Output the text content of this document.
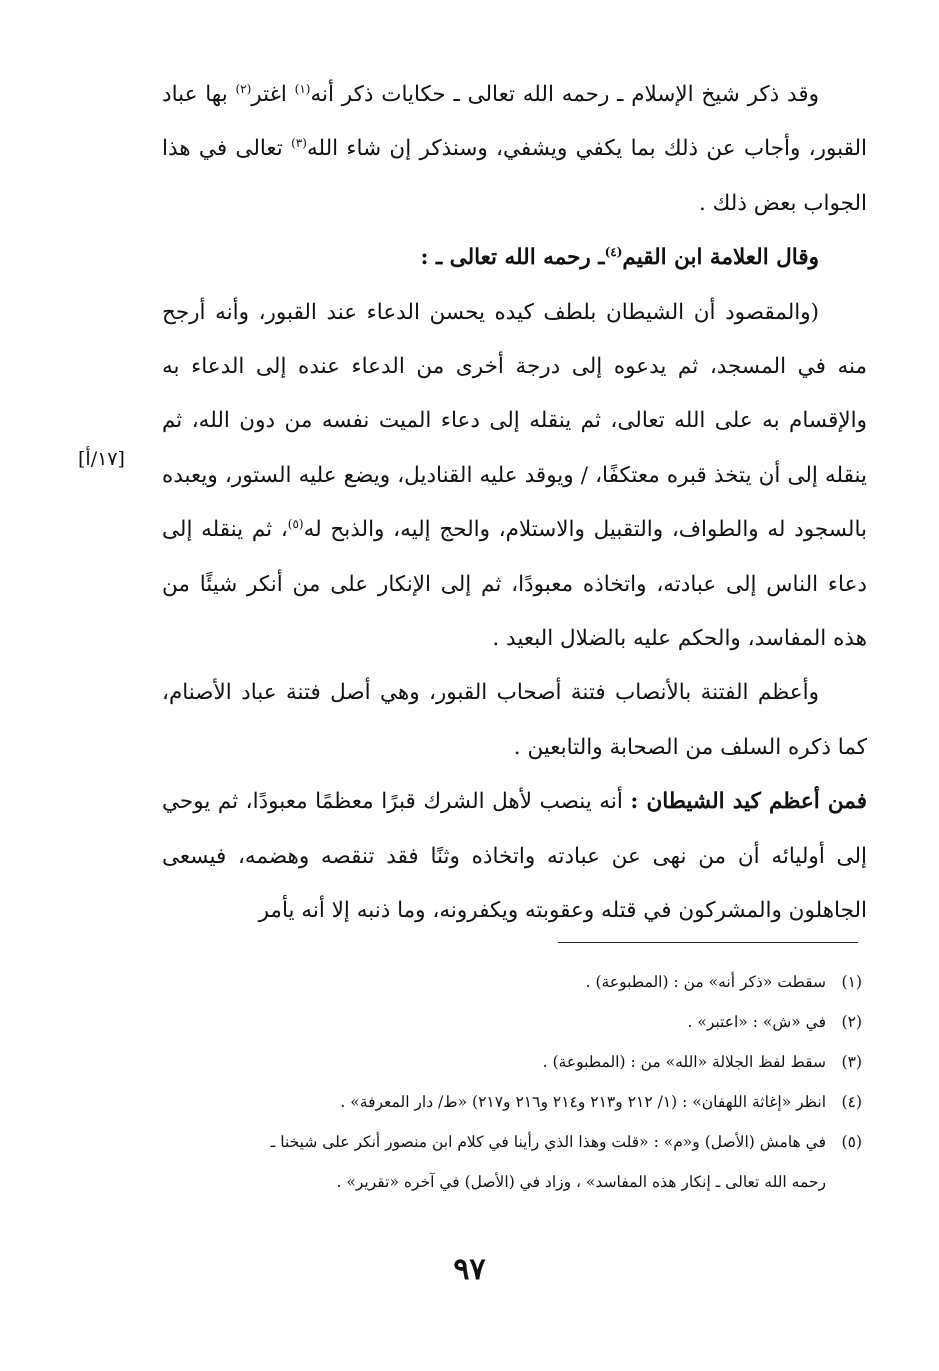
وقد ذكر شيخ الإسلام ـ رحمه الله تعالى ـ حكايات ذكر أنه$^{(١)}$ اغتر$^{(٢)}$ بها عباد القبور، وأجاب عن ذلك بما يكفي ويشفي، وسنذكر إن شاء الله$^{(٣)}$ تعالى في هذا الجواب بعض ذلك .

وقال العلامة ابن القيم$^{(٤)}$ـ رحمه الله تعالى ـ :

(والمقصود أن الشيطان بلطف كيده يحسن الدعاء عند القبور، وأنه أرجح منه في المسجد، ثم يدعوه إلى درجة أخرى من الدعاء عنده إلى الدعاء به والإقسام به على الله تعالى، ثم ينقله إلى دعاء الميت نفسه من دون الله، ثم ينقله إلى أن يتخذ قبره معتكفًا، / ويوقد عليه القناديل، ويضع عليه الستور، ويعبده بالسجود له والطواف، والتقبيل والاستلام، والحج إليه، والذبح له$^{(٥)}$، ثم ينقله إلى دعاء الناس إلى عبادته، واتخاذه معبودًا، ثم إلى الإنكار على من أنكر شيئًا من هذه المفاسد، والحكم عليه بالضلال البعيد .

وأعظم الفتنة بالأنصاب فتنة أصحاب القبور، وهي أصل فتنة عباد الأصنام، كما ذكره السلف من الصحابة والتابعين .

فمن أعظم كيد الشيطان : أنه ينصب لأهل الشرك قبرًا معظمًا معبودًا، ثم يوحي إلى أوليائه أن من نهى عن عبادته واتخاذه وثنًا فقد تنقصه وهضمه، فيسعى الجاهلون والمشركون في قتله وعقوبته ويكفرونه، وما ذنبه إلا أنه يأمر

[١٧/أ]
(١)
سقطت «ذكر أنه» من : (المطبوعة) .
(٢)
في «ش» : «اعتبر» .
(٣)
سقط لفظ الجلالة «الله» من : (المطبوعة) .
(٤)
انظر «إغاثة اللهفان» : (١/ ٢١٢ و٢١٣ و٢١٤ و٢١٦ و٢١٧) «ط/ دار المعرفة» .
(٥)
في هامش (الأصل) و«م» : «قلت وهذا الذي رأينا في كلام ابن منصور أنكر على شيخنا ـ
رحمه الله تعالى ـ إنكار هذه المفاسد» ، وزاد في (الأصل) في آخره «تقرير» .
٩٧
